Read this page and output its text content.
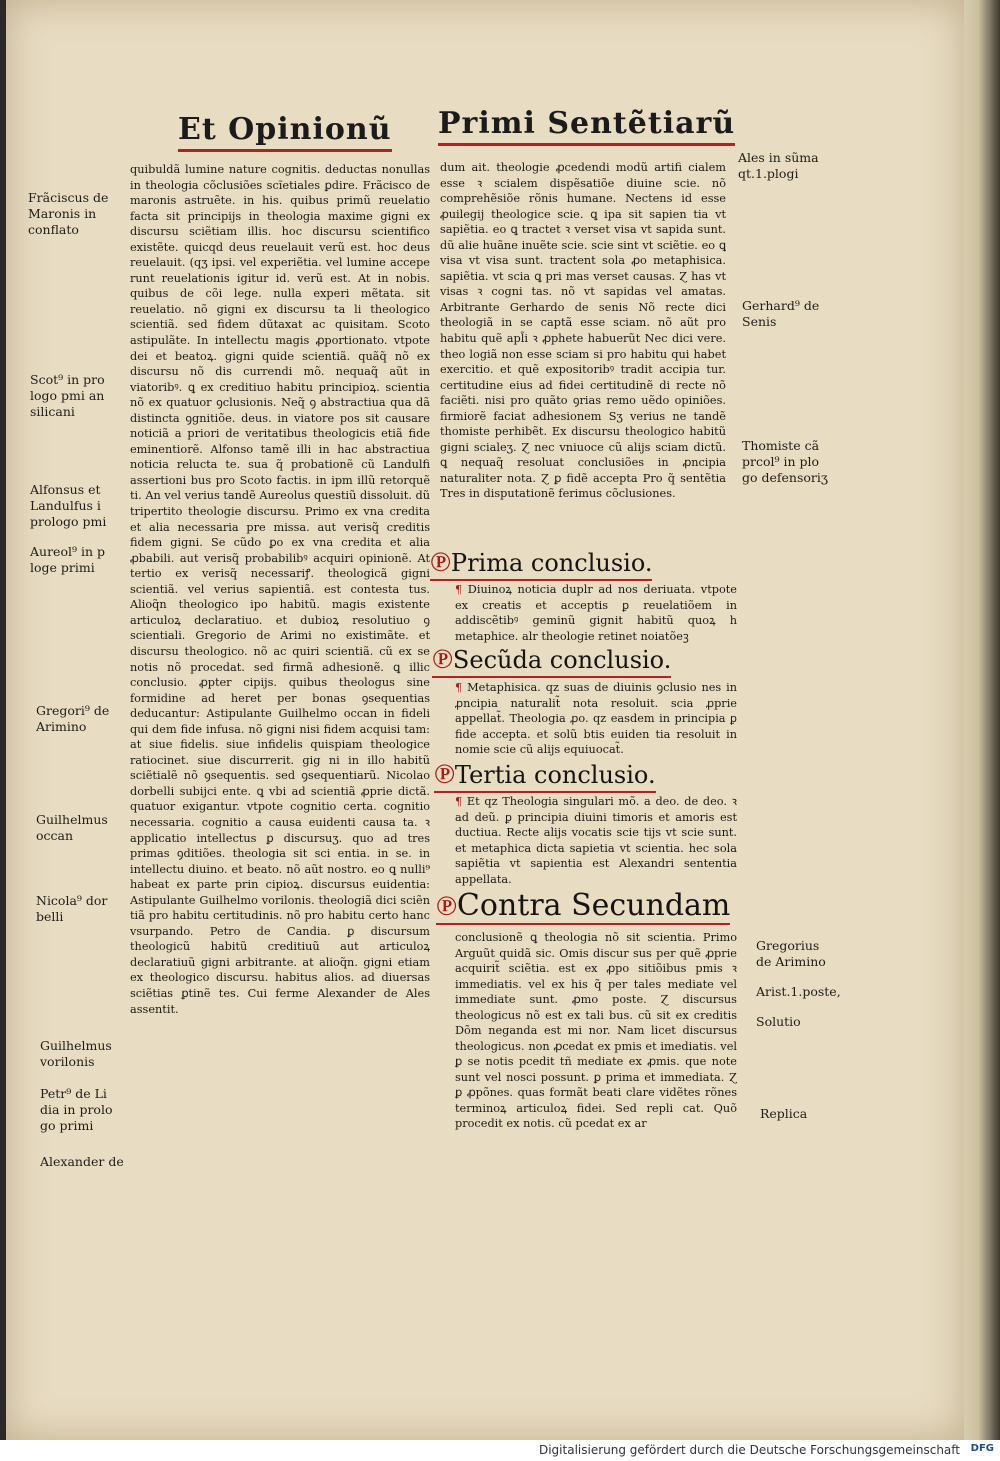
Et Opinionũ Primi Sentẽtiarũ
Frãciscus de
Maronis in
conflato
Scot⁹ in pro
logo pmi an
silicani
Alfonsus et
Landulfus i
prologo pmi
Aureol⁹ in p
loge primi
Gregori⁹ de
Arimino
Guilhelmus
occan
Nicola⁹ dor
belli
Guilhelmus
vorilonis
Petr⁹ de Li
dia in prolo
go primi
Alexander de

quibuldã lumine nature cognitis. deductas nonullas in theologia cõclusiões scĩetiales ꝑdire. Frãcisco de maronis astruẽte. in his. quibus primũ reuelatio facta sit principijs in theologia maxime gigni ex discursu sciẽtiam illis. hoc discursu scientifico existẽte. quicqd deus reuelauit verũ est. hoc deus reuelauit. (qʒ ipsi. vel experiẽtia. vel lumine accepe runt reuelationis igitur id. verũ est. At in nobis. quibus de cõi lege. nulla experi mẽtata. sit reuelatio. nõ gigni ex discursu ta li theologico scientiã. sed fidem dũtaxat ac quisitam. Scoto astipulãte. In intellectu magis ꝓportionato. vtpote dei et beatoꝝ. gigni quide scientiã. quãq̃ nõ ex discursu nõ dis currendi mõ. nequaq̃ aũt in viatoribꝰ. ꝗ ex creditiuo habitu principioꝝ. scientia nõ ex quatuor ꝯclusionis. Neq̃ ꝯ abstractiua qua dã distincta ꝯgnitiõe. deus. in viatore pos sit causare noticiã a priori de veritatibus theologicis etiã fide eminentiorẽ. Alfonso tamẽ illi in hac abstractiua noticia relucta te. sua q̃ probationẽ cũ Landulfi assertioni bus pro Scoto factis. in ipm illũ retorquẽ ti. An vel verius tandẽ Aureolus questiũ dissoluit. dũ tripertito theologie discursu. Primo ex vna credita et alia necessaria pre missa. aut verisq̃ creditis fidem gigni. Se cũdo ꝑo ex vna credita et alia ꝓbabili. aut verisq̃ probabilibꝰ acquiri opinionẽ. At tertio ex verisq̃ necessariꝭ. theologicã gigni scientiã. vel verius sapientiã. est contesta tus. Alioq̃n theologico ipo habitũ. magis existente articuloꝝ declaratiuo. et dubioꝝ resolutiuo ꝯ scientiali. Gregorio de Arimi no existimãte. et discursu theologico. nõ ac quiri scientiã. cũ ex se notis nõ procedat. sed firmã adhesionẽ. ꝗ illic conclusio. ꝓpter cipijs. quibus theologus sine formidine ad heret per bonas ꝯsequentias deducantur: Astipulante Guilhelmo occan in fideli qui dem fide infusa. nõ gigni nisi fidem acquisi tam: at siue fidelis. siue infidelis quispiam theologice ratiocinet. siue discurrerit. gig ni in illo habitũ sciẽtialẽ nõ ꝯsequentis. sed ꝯsequentiarũ. Nicolao dorbelli subijci ente. ꝗ vbi ad scientiã ꝓprie dictã. quatuor exigantur. vtpote cognitio certa. cognitio necessaria. cognitio a causa euidenti causa ta. ꝛ applicatio intellectus ꝑ discursuʒ. quo ad tres primas ꝯditiões. theologia sit sci entia. in se. in intellectu diuino. et beato. nõ aũt nostro. eo ꝗ nulli⁹ habeat ex parte prin cipioꝝ. discursus euidentia: Astipulante Guilhelmo vorilonis. theologiã dici sciẽn tiã pro habitu certitudinis. nõ pro habitu certo hanc vsurpando. Petro de Candia. ꝑ discursum theologicũ habitũ creditiuũ aut articuloꝝ declaratiuũ gigni arbitrante. at alioq̃n. gigni etiam ex theologico discursu. habitus alios. ad diuersas sciẽtias ꝑtinẽ tes. Cui ferme Alexander de Ales assentit.

dum ait. theologie ꝓcedendi modũ artifi cialem esse ꝛ scialem dispẽsatiõe diuine scie. nõ comprehẽsiõe rõnis humane. Nectens id esse ꝓuilegij theologice scie. ꝗ ipa sit sapien tia vt sapiẽtia. eo ꝗ tractet ꝛ verset visa vt sapida sunt. dũ alie huãne inuẽte scie. scie sint vt sciẽtie. eo ꝗ visa vt visa sunt. tractent sola ꝓo metaphisica. sapiẽtia. vt scia ꝗ pri mas verset causas. Ɀ has vt visas ꝛ cogni tas. nõ vt sapidas vel amatas. Arbitrante Gerhardo de senis Nõ recte dici theologiã in se captã esse sciam. nõ aũt pro habitu quẽ apl̃i ꝛ ꝓphete habuerũt Nec dici vere. theo logiã non esse sciam si pro habitu qui habet exercitio. et quẽ expositoribꝰ tradit accipia tur. certitudine eius ad fidei certitudinẽ di recte nõ faciẽti. nisi pro quãto ꝯrias remo uẽdo opiniões. firmiorẽ faciat adhesionem Sʒ verius ne tandẽ thomiste perhibẽt. Ex discursu theologico habitũ gigni scialeʒ. Ɀ nec vniuoce cũ alijs sciam dictũ. ꝗ nequaq̃ resoluat conclusiões in ꝓncipia naturaliter nota. Ɀ ꝑ fidẽ accepta Pro q̃ sentẽtia Tres in disputationẽ ferimus cõclusiones.

℗Prima conclusio.
¶ Diuinoꝝ noticia duplr ad nos deriuata. vtpote ex creatis et acceptis ꝑ reuelatiõem in addiscẽtibꝰ geminũ gignit habitũ quoꝝ h metaphice. alr theologie retinet noiatõeꝫ
℗Secũda conclusio.
¶ Metaphisica. qz suas de diuinis ꝯclusio nes in ꝓncipia naturalit̃ nota resoluit. scia ꝓprie appellat̃. Theologia ꝓo. qz easdem in principia ꝑ fide accepta. et solũ btis euiden tia resoluit in nomie scie cũ alijs equiuocat̃.
℗Tertia conclusio.
¶ Et qz Theologia singulari mõ. a deo. de deo. ꝛ ad deũ. ꝑ principia diuini timoris et amoris est ductiua. Recte alijs vocatis scie tijs vt scie sunt. et metaphica dicta sapietia vt scientia. hec sola sapiẽtia vt sapientia est Alexandri sententia appellata.
℗Contra Secundam
conclusionẽ ꝗ theologia nõ sit scientia. Primo Arguũt quidã sic. Omis discur sus per quẽ ꝓprie acquirit̃ sciẽtia. est ex ꝓpo sitiõibus pmis ꝛ immediatis. vel ex his q̃ per tales mediate vel immediate sunt. ꝓmo poste. Ɀ discursus theologicus nõ est ex tali bus. cũ sit ex creditis Dõm neganda est mi nor. Nam licet discursus theologicus. non ꝓcedat ex pmis et imediatis. vel ꝑ se notis pcedit tñ mediate ex ꝓmis. que note sunt vel nosci possunt. ꝑ prima et immediata. Ɀ ꝑ ꝓpõnes. quas formãt beati clare vidẽtes rõnes terminoꝝ articuloꝝ fidei. Sed repli cat. Quõ procedit ex notis. cũ pcedat ex ar
Ales in sũma
qt.1.plogi
Gerhard⁹ de
Senis
Thomiste cã
prcol⁹ in plo
go defensoriʒ
Gregorius
de Arimino
Arist.1.poste,
Solutio
Replica
Digitalisierung gefördert durch die Deutsche Forschungsgemeinschaft DFG
